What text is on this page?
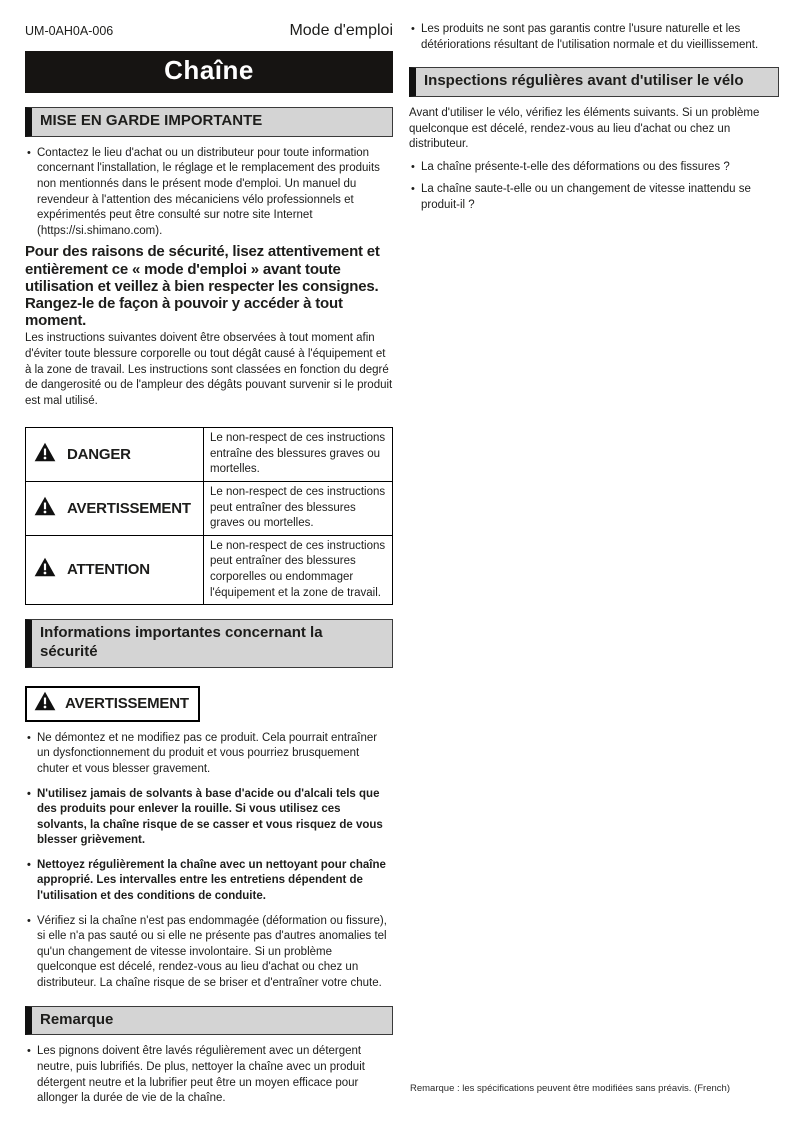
UM-0AH0A-006	Mode d'emploi
Chaîne
MISE EN GARDE IMPORTANTE
• Contactez le lieu d'achat ou un distributeur pour toute information concernant l'installation, le réglage et le remplacement des produits non mentionnés dans le présent mode d'emploi. Un manuel du revendeur à l'attention des mécaniciens vélo professionnels et expérimentés peut être consulté sur notre site Internet (https://si.shimano.com).
Pour des raisons de sécurité, lisez attentivement et entièrement ce « mode d'emploi » avant toute utilisation et veillez à bien respecter les consignes. Rangez-le de façon à pouvoir y accéder à tout moment.
Les instructions suivantes doivent être observées à tout moment afin d'éviter toute blessure corporelle ou tout dégât causé à l'équipement et à la zone de travail. Les instructions sont classées en fonction du degré de dangerosité ou de l'ampleur des dégâts pouvant survenir si le produit est mal utilisé.
DANGER	Le non-respect de ces instructions entraîne des blessures graves ou mortelles.

AVERTISSEMENT	Le non-respect de ces instructions peut entraîner des blessures graves ou mortelles.

ATTENTION	Le non-respect de ces instructions peut entraîner des blessures corporelles ou endommager l'équipement et la zone de travail.
Informations importantes concernant la sécurité
AVERTISSEMENT
• Ne démontez et ne modifiez pas ce produit. Cela pourrait entraîner un dysfonctionnement du produit et vous pourriez brusquement chuter et vous blesser gravement.
• N'utilisez jamais de solvants à base d'acide ou d'alcali tels que des produits pour enlever la rouille. Si vous utilisez ces solvants, la chaîne risque de se casser et vous risquez de vous blesser grièvement.
• Nettoyez régulièrement la chaîne avec un nettoyant pour chaîne approprié. Les intervalles entre les entretiens dépendent de l'utilisation et des conditions de conduite.
• Vérifiez si la chaîne n'est pas endommagée (déformation ou fissure), si elle n'a pas sauté ou si elle ne présente pas d'autres anomalies tel qu'un changement de vitesse involontaire. Si un problème quelconque est décelé, rendez-vous au lieu d'achat ou chez un distributeur. La chaîne risque de se briser et d'entraîner votre chute.
Remarque
• Les pignons doivent être lavés régulièrement avec un détergent neutre, puis lubrifiés. De plus, nettoyer la chaîne avec un produit détergent neutre et la lubrifier peut être un moyen efficace pour allonger la durée de vie de la chaîne.
• Les produits ne sont pas garantis contre l'usure naturelle et les détériorations résultant de l'utilisation normale et du vieillissement.
Inspections régulières avant d'utiliser le vélo
Avant d'utiliser le vélo, vérifiez les éléments suivants. Si un problème quelconque est décelé, rendez-vous au lieu d'achat ou chez un distributeur.
• La chaîne présente-t-elle des déformations ou des fissures ?
• La chaîne saute-t-elle ou un changement de vitesse inattendu se produit-il ?
Remarque : les spécifications peuvent être modifiées sans préavis. (French)
